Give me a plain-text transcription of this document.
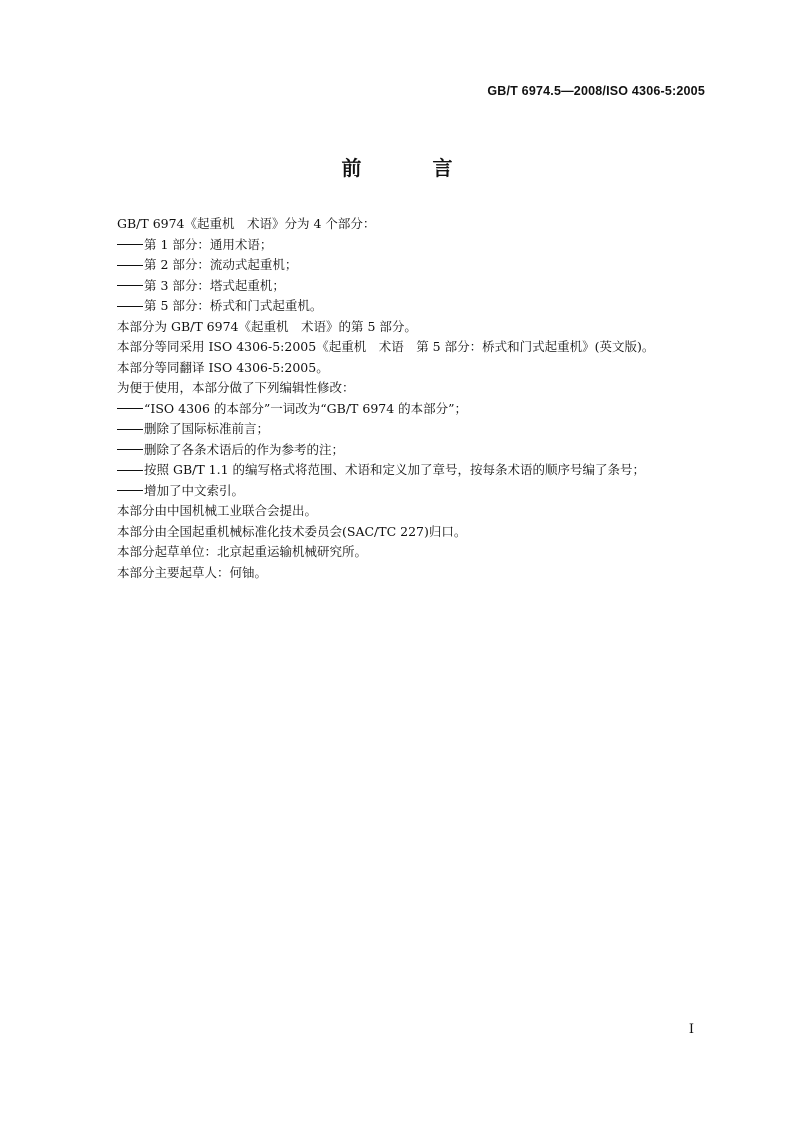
GB/T 6974.5—2008/ISO 4306-5:2005
前 言
GB/T 6974《起重机　术语》分为 4 个部分：
第 1 部分：通用术语；
第 2 部分：流动式起重机；
第 3 部分：塔式起重机；
第 5 部分：桥式和门式起重机。
本部分为 GB/T 6974《起重机　术语》的第 5 部分。
本部分等同采用 ISO 4306-5:2005《起重机　术语　第 5 部分：桥式和门式起重机》(英文版)。
本部分等同翻译 ISO 4306-5:2005。
为便于使用，本部分做了下列编辑性修改：
“ISO 4306 的本部分”一词改为“GB/T 6974 的本部分”；
删除了国际标准前言；
删除了各条术语后的作为参考的注；
按照 GB/T 1.1 的编写格式将范围、术语和定义加了章号，按每条术语的顺序号编了条号；
增加了中文索引。
本部分由中国机械工业联合会提出。
本部分由全国起重机械标准化技术委员会(SAC/TC 227)归口。
本部分起草单位：北京起重运输机械研究所。
本部分主要起草人：何铀。
I
